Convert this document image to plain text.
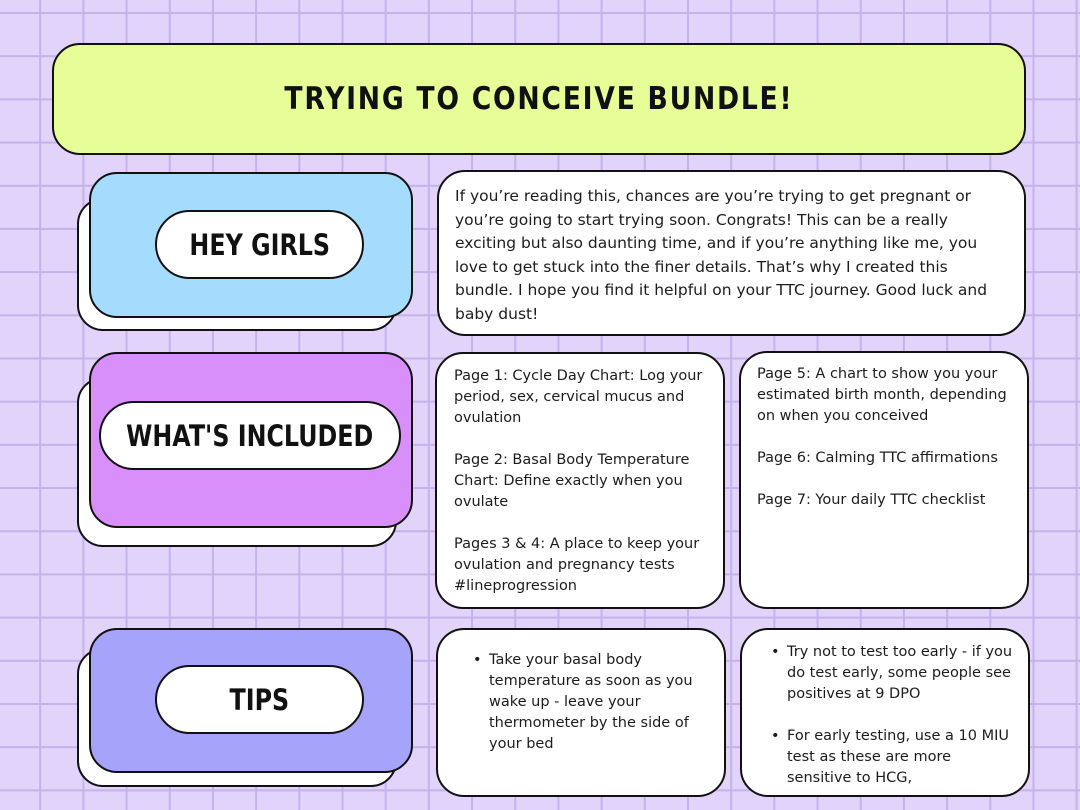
TRYING TO CONCEIVE BUNDLE!
HEY GIRLS
If you’re reading this, chances are you’re trying to get pregnant or you’re going to start trying soon. Congrats! This can be a really exciting but also daunting time, and if you’re anything like me, you love to get stuck into the finer details. That’s why I created this bundle. I hope you find it helpful on your TTC journey. Good luck and baby dust!
WHAT'S INCLUDED

Page 1: Cycle Day Chart: Log your period, sex, cervical mucus and ovulation

Page 2: Basal Body Temperature Chart: Define exactly when you ovulate

Pages 3 & 4: A place to keep your ovulation and pregnancy tests #lineprogression

Page 5: A chart to show you your estimated birth month, depending on when you conceived

Page 6: Calming TTC affirmations

Page 7: Your daily TTC checklist

TIPS
• Take your basal body temperature as soon as you wake up - leave your thermometer by the side of your bed
• Try not to test too early - if you do test early, some people see positives at 9 DPO
• For early testing, use a 10 MIU test as these are more sensitive to HCG,
